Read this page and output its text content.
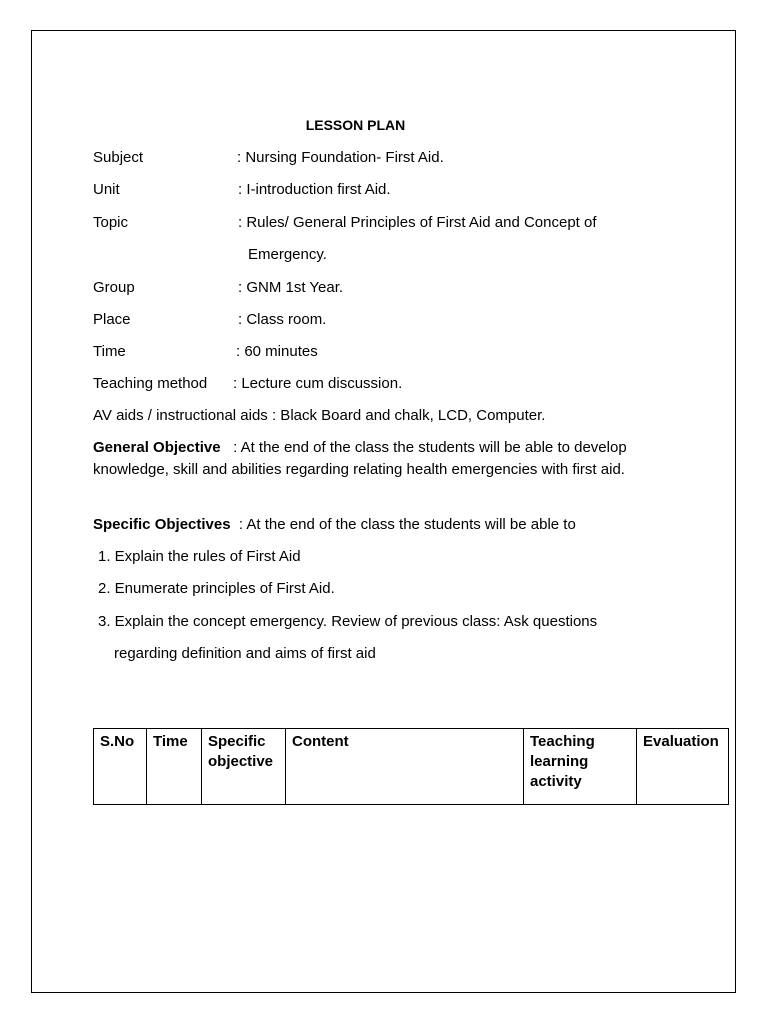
LESSON PLAN
Subject	: Nursing Foundation- First Aid.
Unit	: I-introduction first Aid.
Topic	: Rules/ General Principles of First Aid and Concept of
Emergency.
Group	: GNM 1st Year.
Place	: Class room.
Time	: 60 minutes
Teaching method : Lecture cum discussion.
AV aids / instructional aids : Black Board and chalk, LCD, Computer.
General Objective : At the end of the class the students will be able to develop knowledge, skill and abilities regarding relating health emergencies with first aid.
Specific Objectives : At the end of the class the students will be able to
1. Explain the rules of First Aid
2. Enumerate principles of First Aid.
3. Explain the concept emergency. Review of previous class: Ask questions
regarding definition and aims of first aid
S.No	Time	Specific objective	Content	Teaching learning activity	Evaluation
